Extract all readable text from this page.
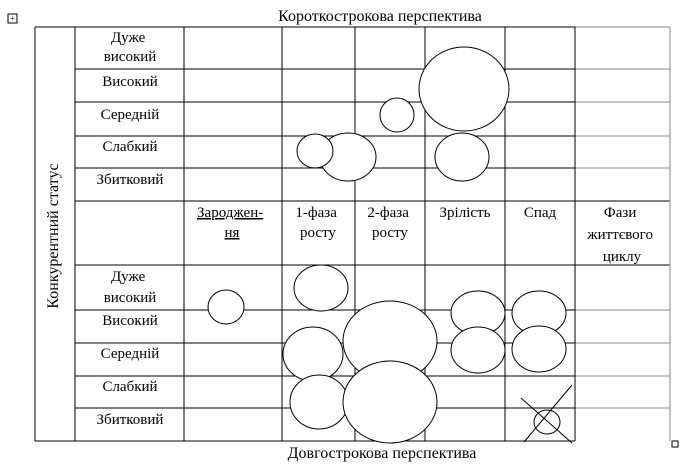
+	Короткострокова перспектива
Довгострокова перспектива
Конкурентний статус
Дуже високий
Високий
Середній
Слабкий
Збитковий
Зароджен- ня
1-фаза росту
2-фаза росту
Зрілість Спад	Фази життєвого циклу
Дуже високий
Високий
Середній
Слабкий
Збитковий
